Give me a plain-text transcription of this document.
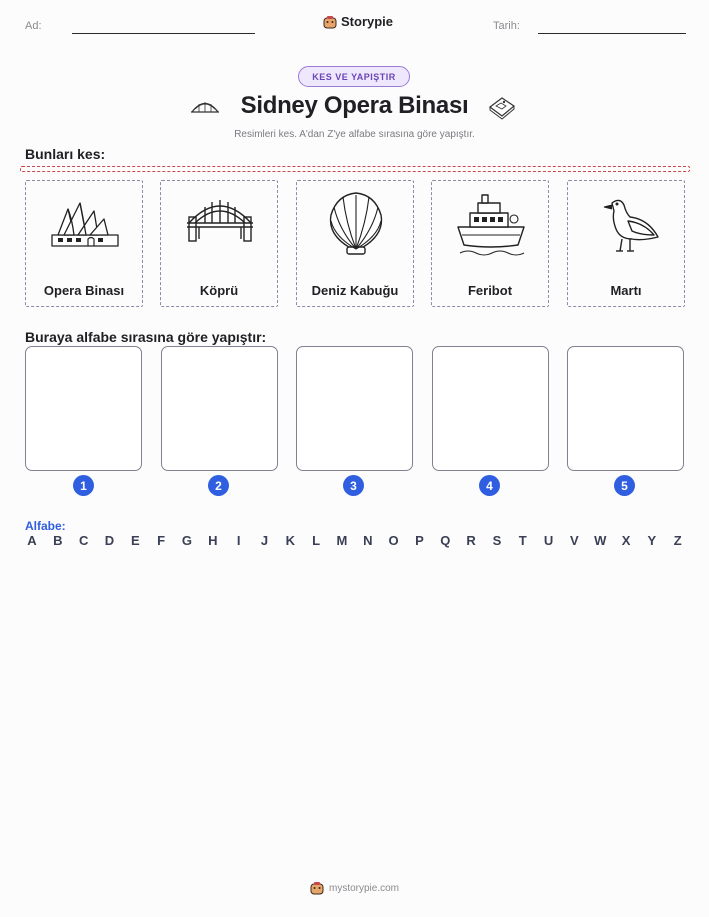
Ad:	Storypie	Tarih:
KES VE YAPIŞTIR
Sidney Opera Binası
Resimleri kes. A'dan Z'ye alfabe sırasına göre yapıştır.
Bunları kes:
Opera Binası	Köprü	Deniz Kabuğu	Feribot	Martı
Buraya alfabe sırasına göre yapıştır:
1	2	3	4	5
Alfabe:
A B C D E F G H	I	J K L M N O P Q R S T U V W X Y Z
mystorypie.com
